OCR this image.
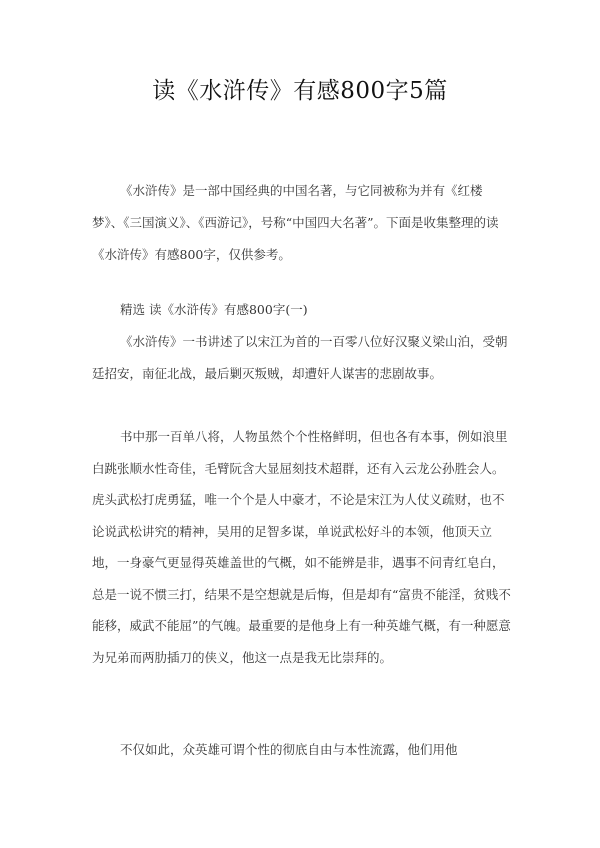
读《水浒传》有感800字5篇

《水浒传》是一部中国经典的中国名著，与它同被称为并有《红楼梦》、《三国演义》、《西游记》，号称“中国四大名著”。下面是收集整理的读《水浒传》有感800字，仅供参考。

精选 读《水浒传》有感800字(一)

《水浒传》一书讲述了以宋江为首的一百零八位好汉聚义梁山泊，受朝廷招安，南征北战，最后剿灭叛贼，却遭奸人谋害的悲剧故事。

书中那一百单八将，人物虽然个个性格鲜明，但也各有本事，例如浪里白跳张顺水性奇佳，毛臂阮含大显屈刻技术超群，还有入云龙公孙胜会人。虎头武松打虎勇猛，唯一个个是人中豪才，不论是宋江为人仗义疏财，也不论说武松讲究的精神，吴用的足智多谋，单说武松好斗的本领，他顶天立地，一身豪气更显得英雄盖世的气概，如不能辨是非，遇事不问青红皂白，总是一说不惯三打，结果不是空想就是后悔，但是却有“富贵不能淫，贫贱不能移，威武不能屈”的气魄。最重要的是他身上有一种英雄气概，有一种愿意为兄弟而两肋插刀的侠义，他这一点是我无比崇拜的。

不仅如此，众英雄可谓个性的彻底自由与本性流露，他们用他
